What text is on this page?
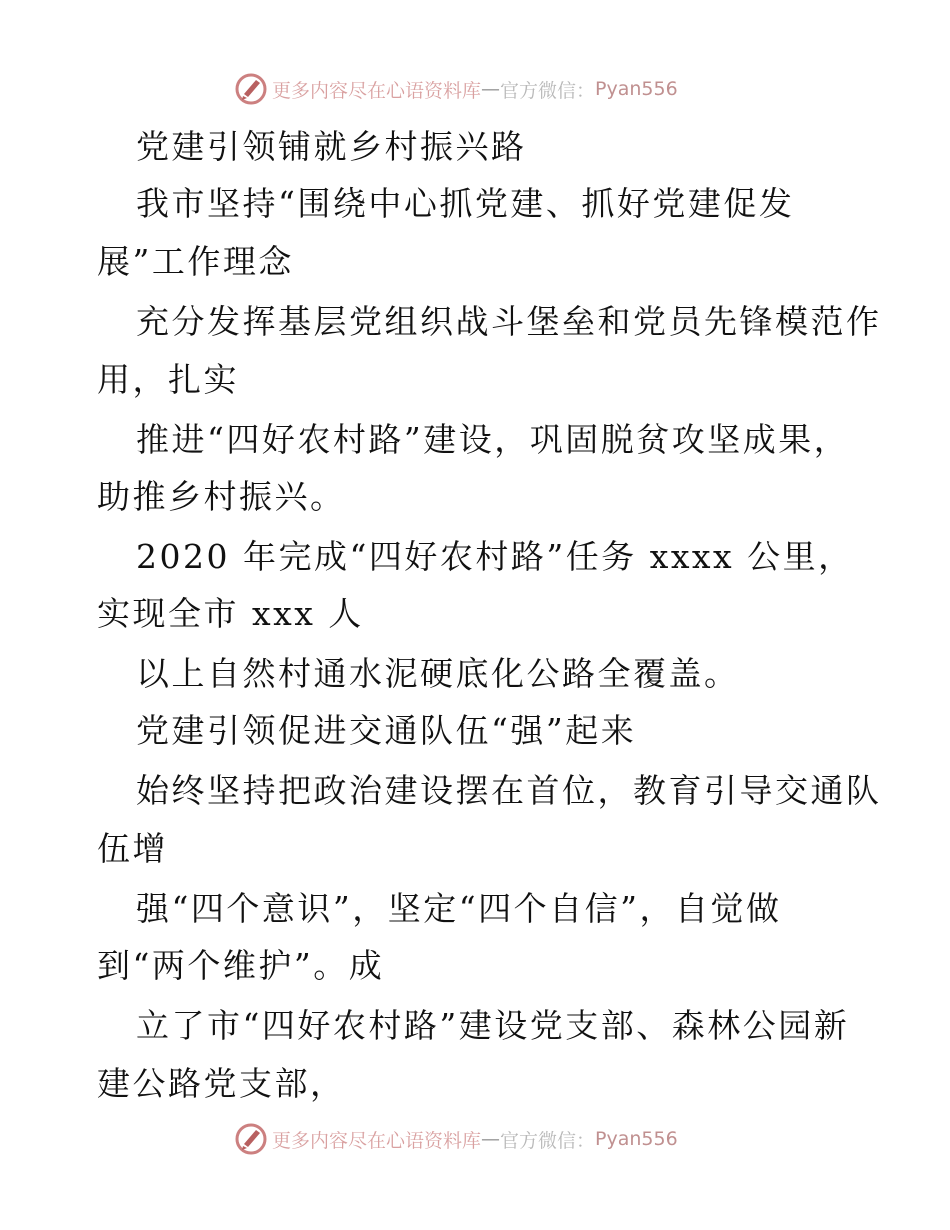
更多内容尽在心语资料库 — 官方微信： Pyan556
党建引领铺就乡村振兴路
我市坚持“围绕中心抓党建、抓好党建促发
展”工作理念
充分发挥基层党组织战斗堡垒和党员先锋模范作
用，扎实
推进“四好农村路”建设，巩固脱贫攻坚成果，
助推乡村振兴。
2020 年完成“四好农村路”任务 xxxx 公里，
实现全市 xxx 人
以上自然村通水泥硬底化公路全覆盖。
党建引领促进交通队伍“强”起来
始终坚持把政治建设摆在首位，教育引导交通队
伍增
强“四个意识”，坚定“四个自信”，自觉做
到“两个维护”。成
立了市“四好农村路”建设党支部、森林公园新
建公路党支部，
更多内容尽在心语资料库 — 官方微信： Pyan556
